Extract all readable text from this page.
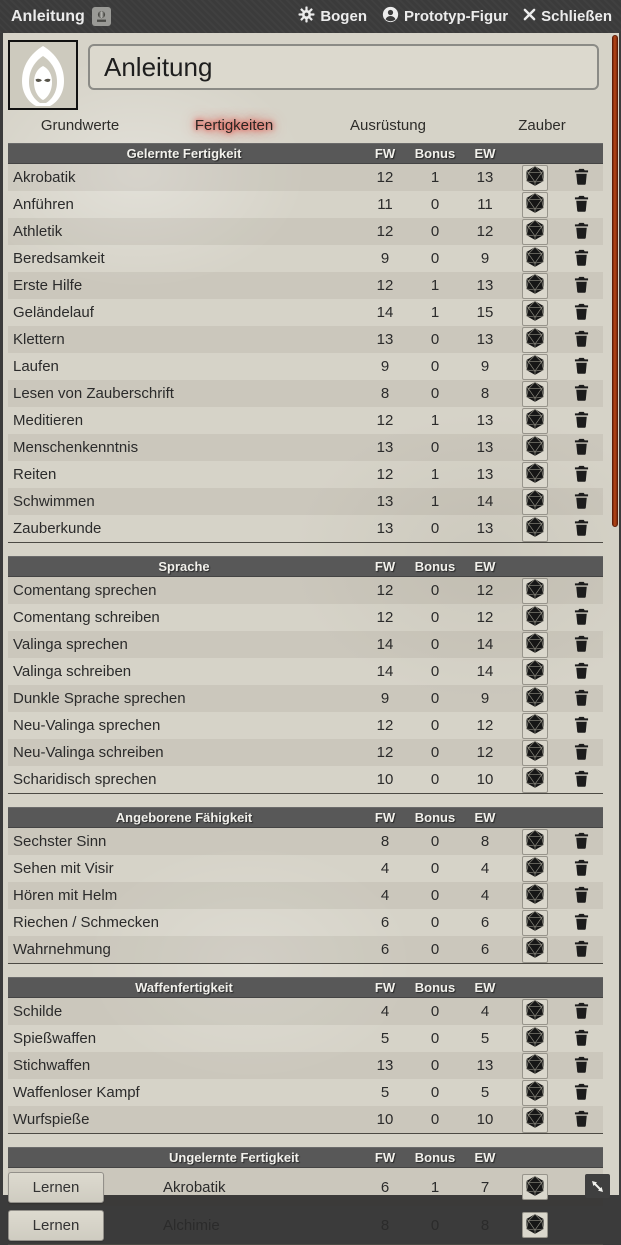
Anleitung	Bogen Prototyp-Figur Schließen
Anleitung
Grundwerte	Fertigkeiten	Ausrüstung	Zauber
Gelernte Fertigkeit	FW	Bonus	EW
Akrobatik	12	1	13
Anführen	11	0	11
Athletik	12	0	12
Beredsamkeit	9	0	9
Erste Hilfe	12	1	13
Geländelauf	14	1	15
Klettern	13	0	13
Laufen	9	0	9
Lesen von Zauberschrift	8	0	8
Meditieren	12	1	13
Menschenkenntnis	13	0	13
Reiten	12	1	13
Schwimmen	13	1	14
Zauberkunde	13	0	13
Sprache	FW	Bonus	EW
Comentang sprechen	12	0	12
Comentang schreiben	12	0	12
Valinga sprechen	14	0	14
Valinga schreiben	14	0	14
Dunkle Sprache sprechen	9	0	9
Neu-Valinga sprechen	12	0	12
Neu-Valinga schreiben	12	0	12
Scharidisch sprechen	10	0	10
Angeborene Fähigkeit	FW	Bonus	EW
Sechster Sinn	8	0	8
Sehen mit Visir	4	0	4
Hören mit Helm	4	0	4
Riechen / Schmecken	6	0	6
Wahrnehmung	6	0	6
Waffenfertigkeit	FW	Bonus	EW
Schilde	4	0	4
Spießwaffen	5	0	5
Stichwaffen	13	0	13
Waffenloser Kampf	5	0	5
Wurfspieße	10	0	10
Ungelernte Fertigkeit	FW	Bonus	EW
Lernen	Akrobatik	6	1	7
Lernen	Alchimie	8	0	8
